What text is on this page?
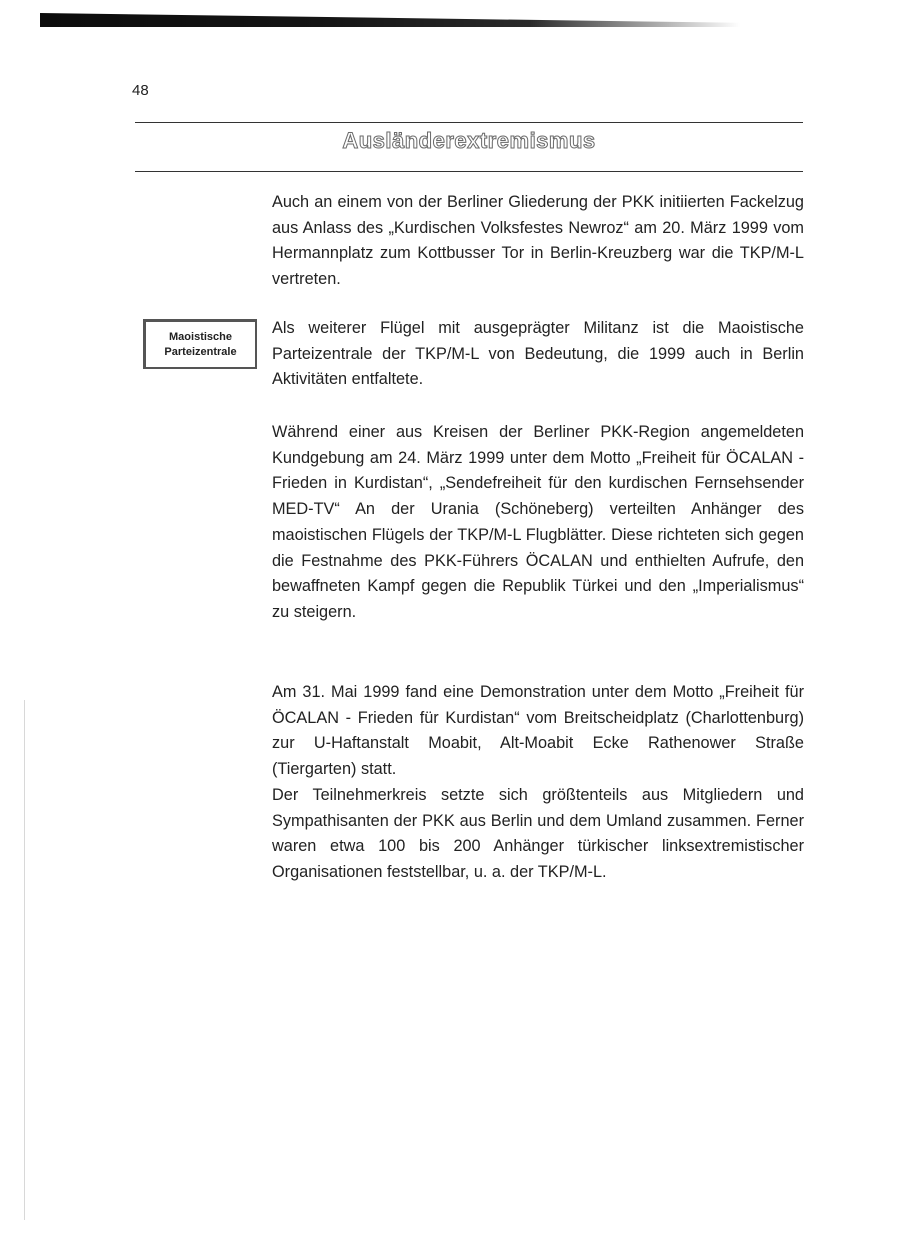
48
Ausländerextremismus
Maoistische
Parteizentrale

Auch an einem von der Berliner Gliederung der PKK initiierten Fackelzug aus Anlass des „Kurdischen Volksfestes Newroz“ am 20. März 1999 vom Hermannplatz zum Kottbusser Tor in Berlin-Kreuzberg war die TKP/M-L vertreten.

Als weiterer Flügel mit ausgeprägter Militanz ist die Maoistische Parteizentrale der TKP/M-L von Bedeutung, die 1999 auch in Berlin Aktivitäten entfaltete.

Während einer aus Kreisen der Berliner PKK-Region angemeldeten Kundgebung am 24. März 1999 unter dem Motto „Freiheit für ÖCALAN - Frieden in Kurdistan“, „Sendefreiheit für den kurdischen Fernsehsender MED-TV“ An der Urania (Schöneberg) verteilten Anhänger des maoistischen Flügels der TKP/M-L Flugblätter. Diese richteten sich gegen die Festnahme des PKK-Führers ÖCALAN und enthielten Aufrufe, den bewaffneten Kampf gegen die Republik Türkei und den „Imperialismus“ zu steigern.

Am 31. Mai 1999 fand eine Demonstration unter dem Motto „Freiheit für ÖCALAN - Frieden für Kurdistan“ vom Breitscheidplatz (Charlottenburg) zur U-Haftanstalt Moabit, Alt-Moabit Ecke Rathenower Straße (Tiergarten) statt.

Der Teilnehmerkreis setzte sich größtenteils aus Mitgliedern und Sympathisanten der PKK aus Berlin und dem Umland zusammen. Ferner waren etwa 100 bis 200 Anhänger türkischer linksextremistischer Organisationen feststellbar, u. a. der TKP/M-L.
